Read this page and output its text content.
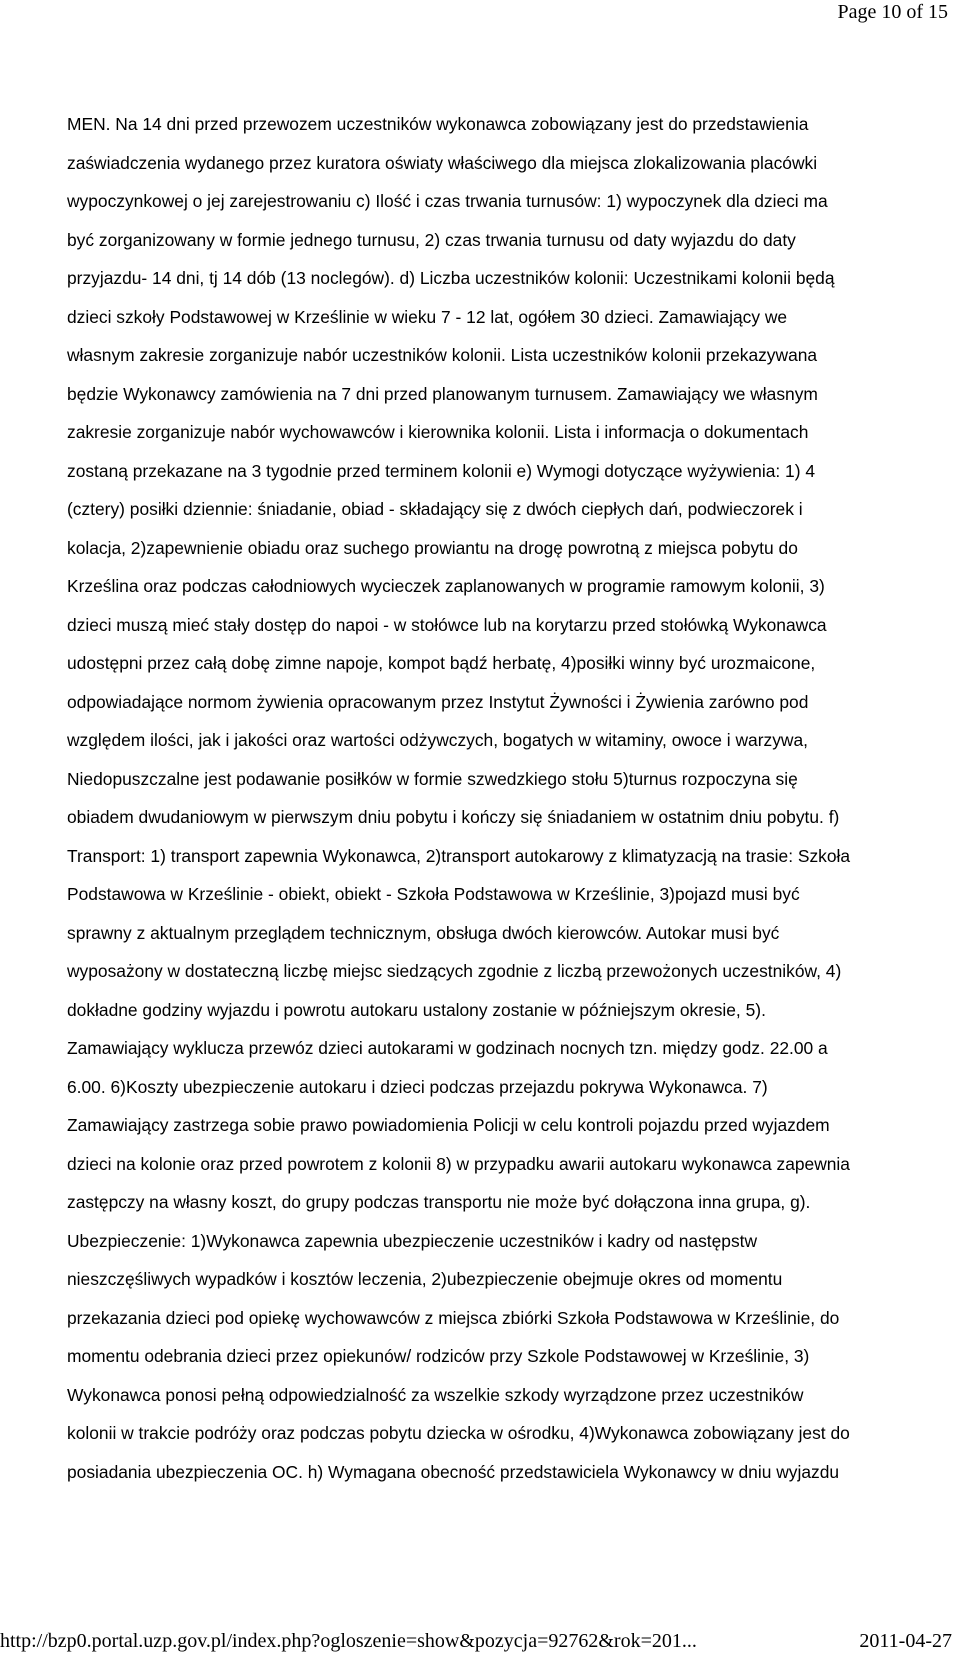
Page 10 of 15
MEN. Na 14 dni przed przewozem uczestników wykonawca zobowiązany jest do przedstawienia
zaświadczenia wydanego przez kuratora oświaty właściwego dla miejsca zlokalizowania placówki
wypoczynkowej o jej zarejestrowaniu c) Ilość i czas trwania turnusów: 1) wypoczynek dla dzieci ma
być zorganizowany w formie jednego turnusu, 2) czas trwania turnusu od daty wyjazdu do daty
przyjazdu- 14 dni, tj 14 dób (13 noclegów). d) Liczba uczestników kolonii: Uczestnikami kolonii będą
dzieci szkoły Podstawowej w Krześlinie w wieku 7 - 12 lat, ogółem 30 dzieci. Zamawiający we
własnym zakresie zorganizuje nabór uczestników kolonii. Lista uczestników kolonii przekazywana
będzie Wykonawcy zamówienia na 7 dni przed planowanym turnusem. Zamawiający we własnym
zakresie zorganizuje nabór wychowawców i kierownika kolonii. Lista i informacja o dokumentach
zostaną przekazane na 3 tygodnie przed terminem kolonii e) Wymogi dotyczące wyżywienia: 1) 4
(cztery) posiłki dziennie: śniadanie, obiad - składający się z dwóch ciepłych dań, podwieczorek i
kolacja, 2)zapewnienie obiadu oraz suchego prowiantu na drogę powrotną z miejsca pobytu do
Krześlina oraz podczas całodniowych wycieczek zaplanowanych w programie ramowym kolonii, 3)
dzieci muszą mieć stały dostęp do napoi - w stołówce lub na korytarzu przed stołówką Wykonawca
udostępni przez całą dobę zimne napoje, kompot bądź herbatę, 4)posiłki winny być urozmaicone,
odpowiadające normom żywienia opracowanym przez Instytut Żywności i Żywienia zarówno pod
względem ilości, jak i jakości oraz wartości odżywczych, bogatych w witaminy, owoce i warzywa,
Niedopuszczalne jest podawanie posiłków w formie szwedzkiego stołu 5)turnus rozpoczyna się
obiadem dwudaniowym w pierwszym dniu pobytu i kończy się śniadaniem w ostatnim dniu pobytu. f)
Transport: 1) transport zapewnia Wykonawca, 2)transport autokarowy z klimatyzacją na trasie: Szkoła
Podstawowa w Krześlinie - obiekt, obiekt - Szkoła Podstawowa w Krześlinie, 3)pojazd musi być
sprawny z aktualnym przeglądem technicznym, obsługa dwóch kierowców. Autokar musi być
wyposażony w dostateczną liczbę miejsc siedzących zgodnie z liczbą przewożonych uczestników, 4)
dokładne godziny wyjazdu i powrotu autokaru ustalony zostanie w późniejszym okresie, 5).
Zamawiający wyklucza przewóz dzieci autokarami w godzinach nocnych tzn. między godz. 22.00 a
6.00. 6)Koszty ubezpieczenie autokaru i dzieci podczas przejazdu pokrywa Wykonawca. 7)
Zamawiający zastrzega sobie prawo powiadomienia Policji w celu kontroli pojazdu przed wyjazdem
dzieci na kolonie oraz przed powrotem z kolonii 8) w przypadku awarii autokaru wykonawca zapewnia
zastępczy na własny koszt, do grupy podczas transportu nie może być dołączona inna grupa, g).
Ubezpieczenie: 1)Wykonawca zapewnia ubezpieczenie uczestników i kadry od następstw
nieszczęśliwych wypadków i kosztów leczenia, 2)ubezpieczenie obejmuje okres od momentu
przekazania dzieci pod opiekę wychowawców z miejsca zbiórki Szkoła Podstawowa w Krześlinie, do
momentu odebrania dzieci przez opiekunów/ rodziców przy Szkole Podstawowej w Krześlinie, 3)
Wykonawca ponosi pełną odpowiedzialność za wszelkie szkody wyrządzone przez uczestników
kolonii w trakcie podróży oraz podczas pobytu dziecka w ośrodku, 4)Wykonawca zobowiązany jest do
posiadania ubezpieczenia OC. h) Wymagana obecność przedstawiciela Wykonawcy w dniu wyjazdu
http://bzp0.portal.uzp.gov.pl/index.php?ogloszenie=show&pozycja=92762&rok=201...	2011-04-27
